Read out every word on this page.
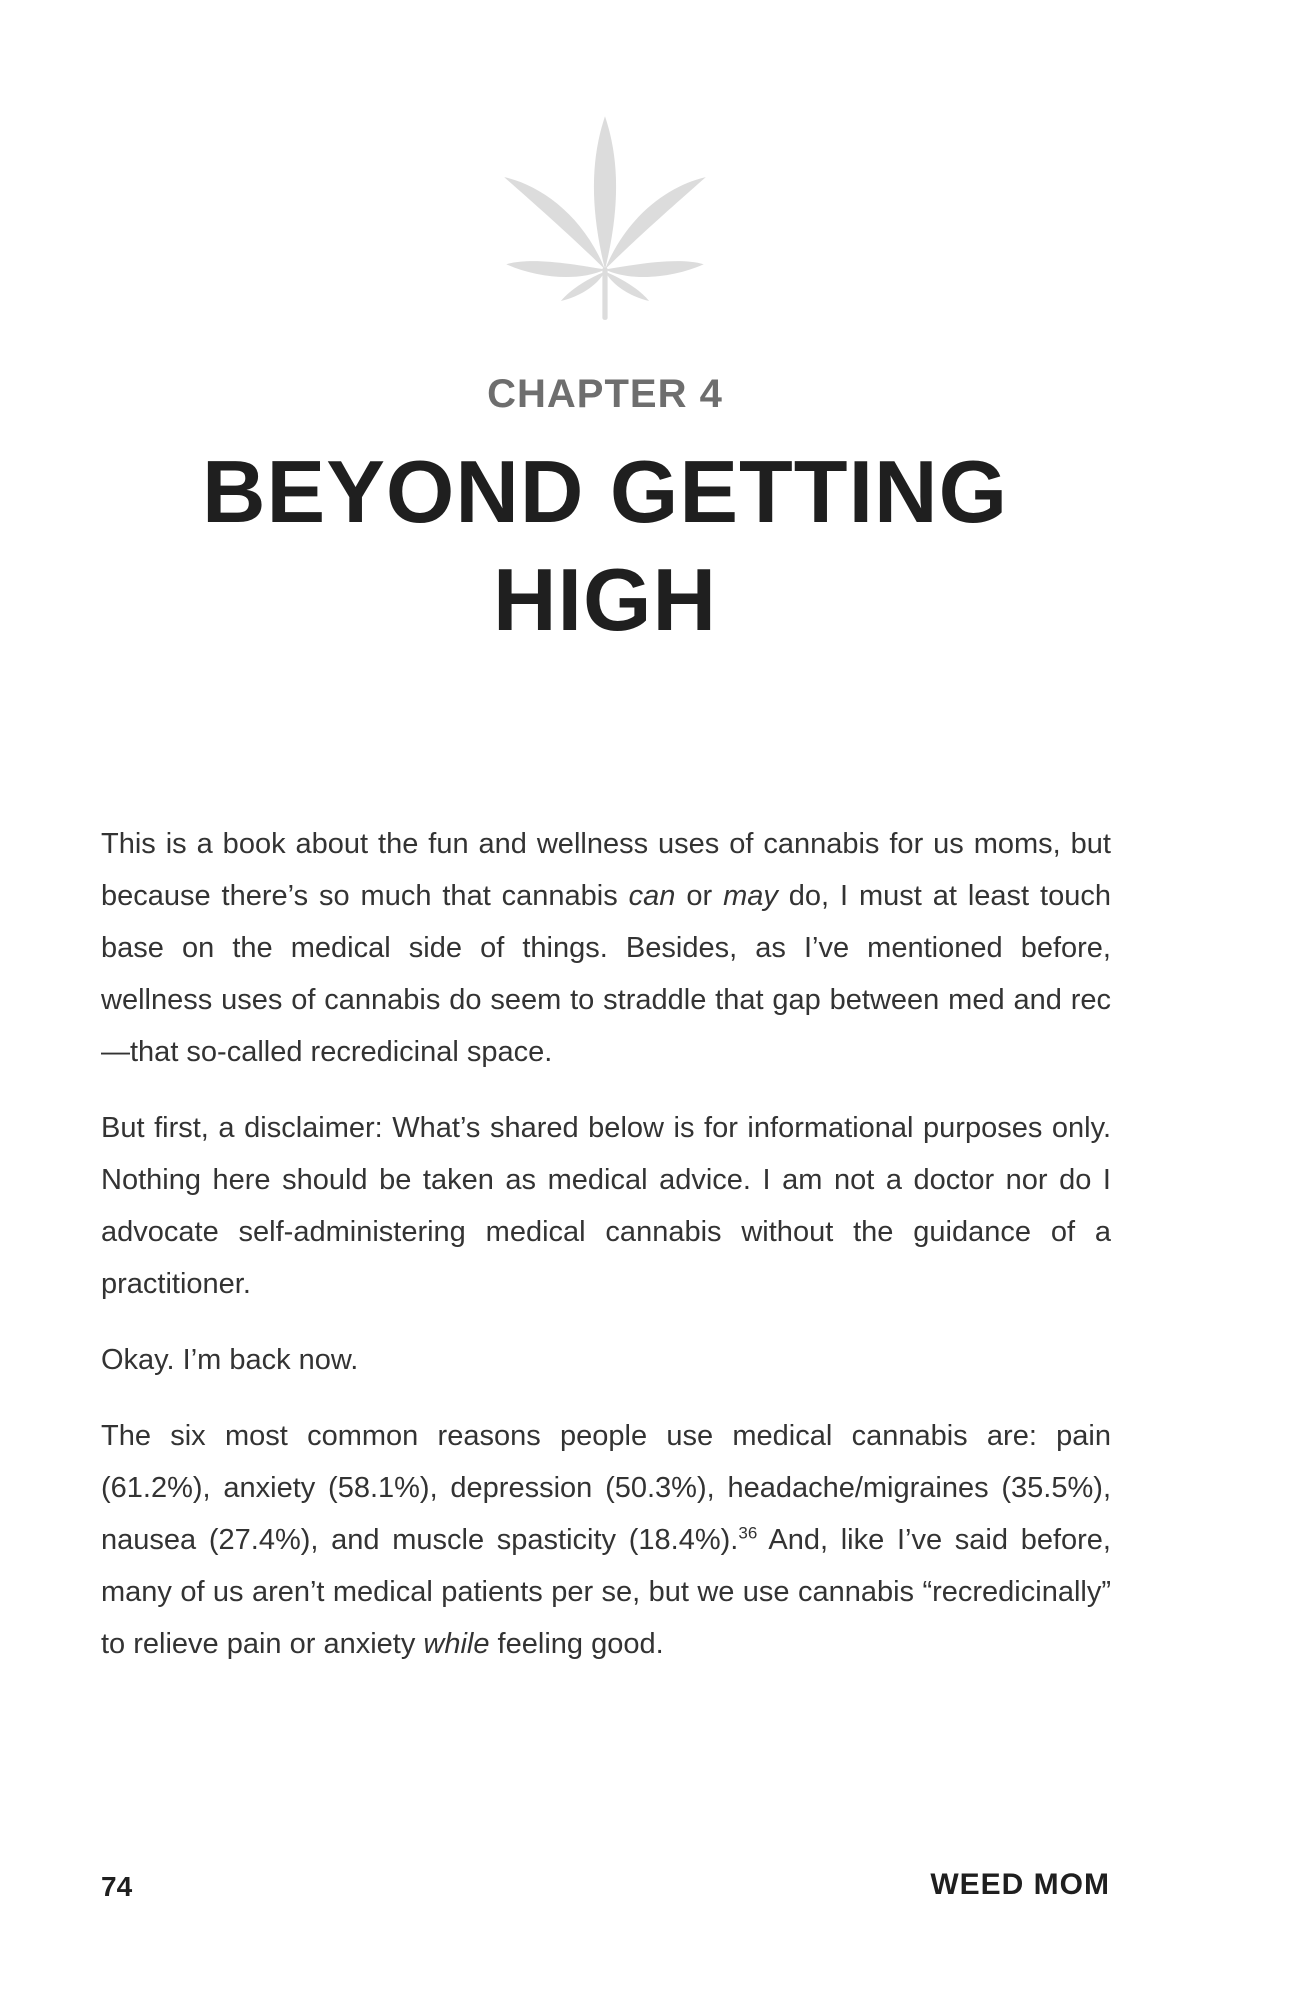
CHAPTER 4
BEYOND GETTING
HIGH

This is a book about the fun and wellness uses of cannabis for us moms, but because there’s so much that cannabis can or may do, I must at least touch base on the medical side of things. Besides, as I’ve mentioned before, wellness uses of cannabis do seem to straddle that gap between med and rec—that so-called recredicinal space.

But first, a disclaimer: What’s shared below is for informational purposes only. Nothing here should be taken as medical advice. I am not a doctor nor do I advocate self-administering medical cannabis without the guidance of a practitioner.

Okay. I’m back now.

The six most common reasons people use medical cannabis are: pain (61.2%), anxiety (58.1%), depression (50.3%), headache/migraines (35.5%), nausea (27.4%), and muscle spasticity (18.4%).$^{36}$ And, like I’ve said before, many of us aren’t medical patients per se, but we use cannabis “recredicinally” to relieve pain or anxiety while feeling good.

74	WEED MOM
